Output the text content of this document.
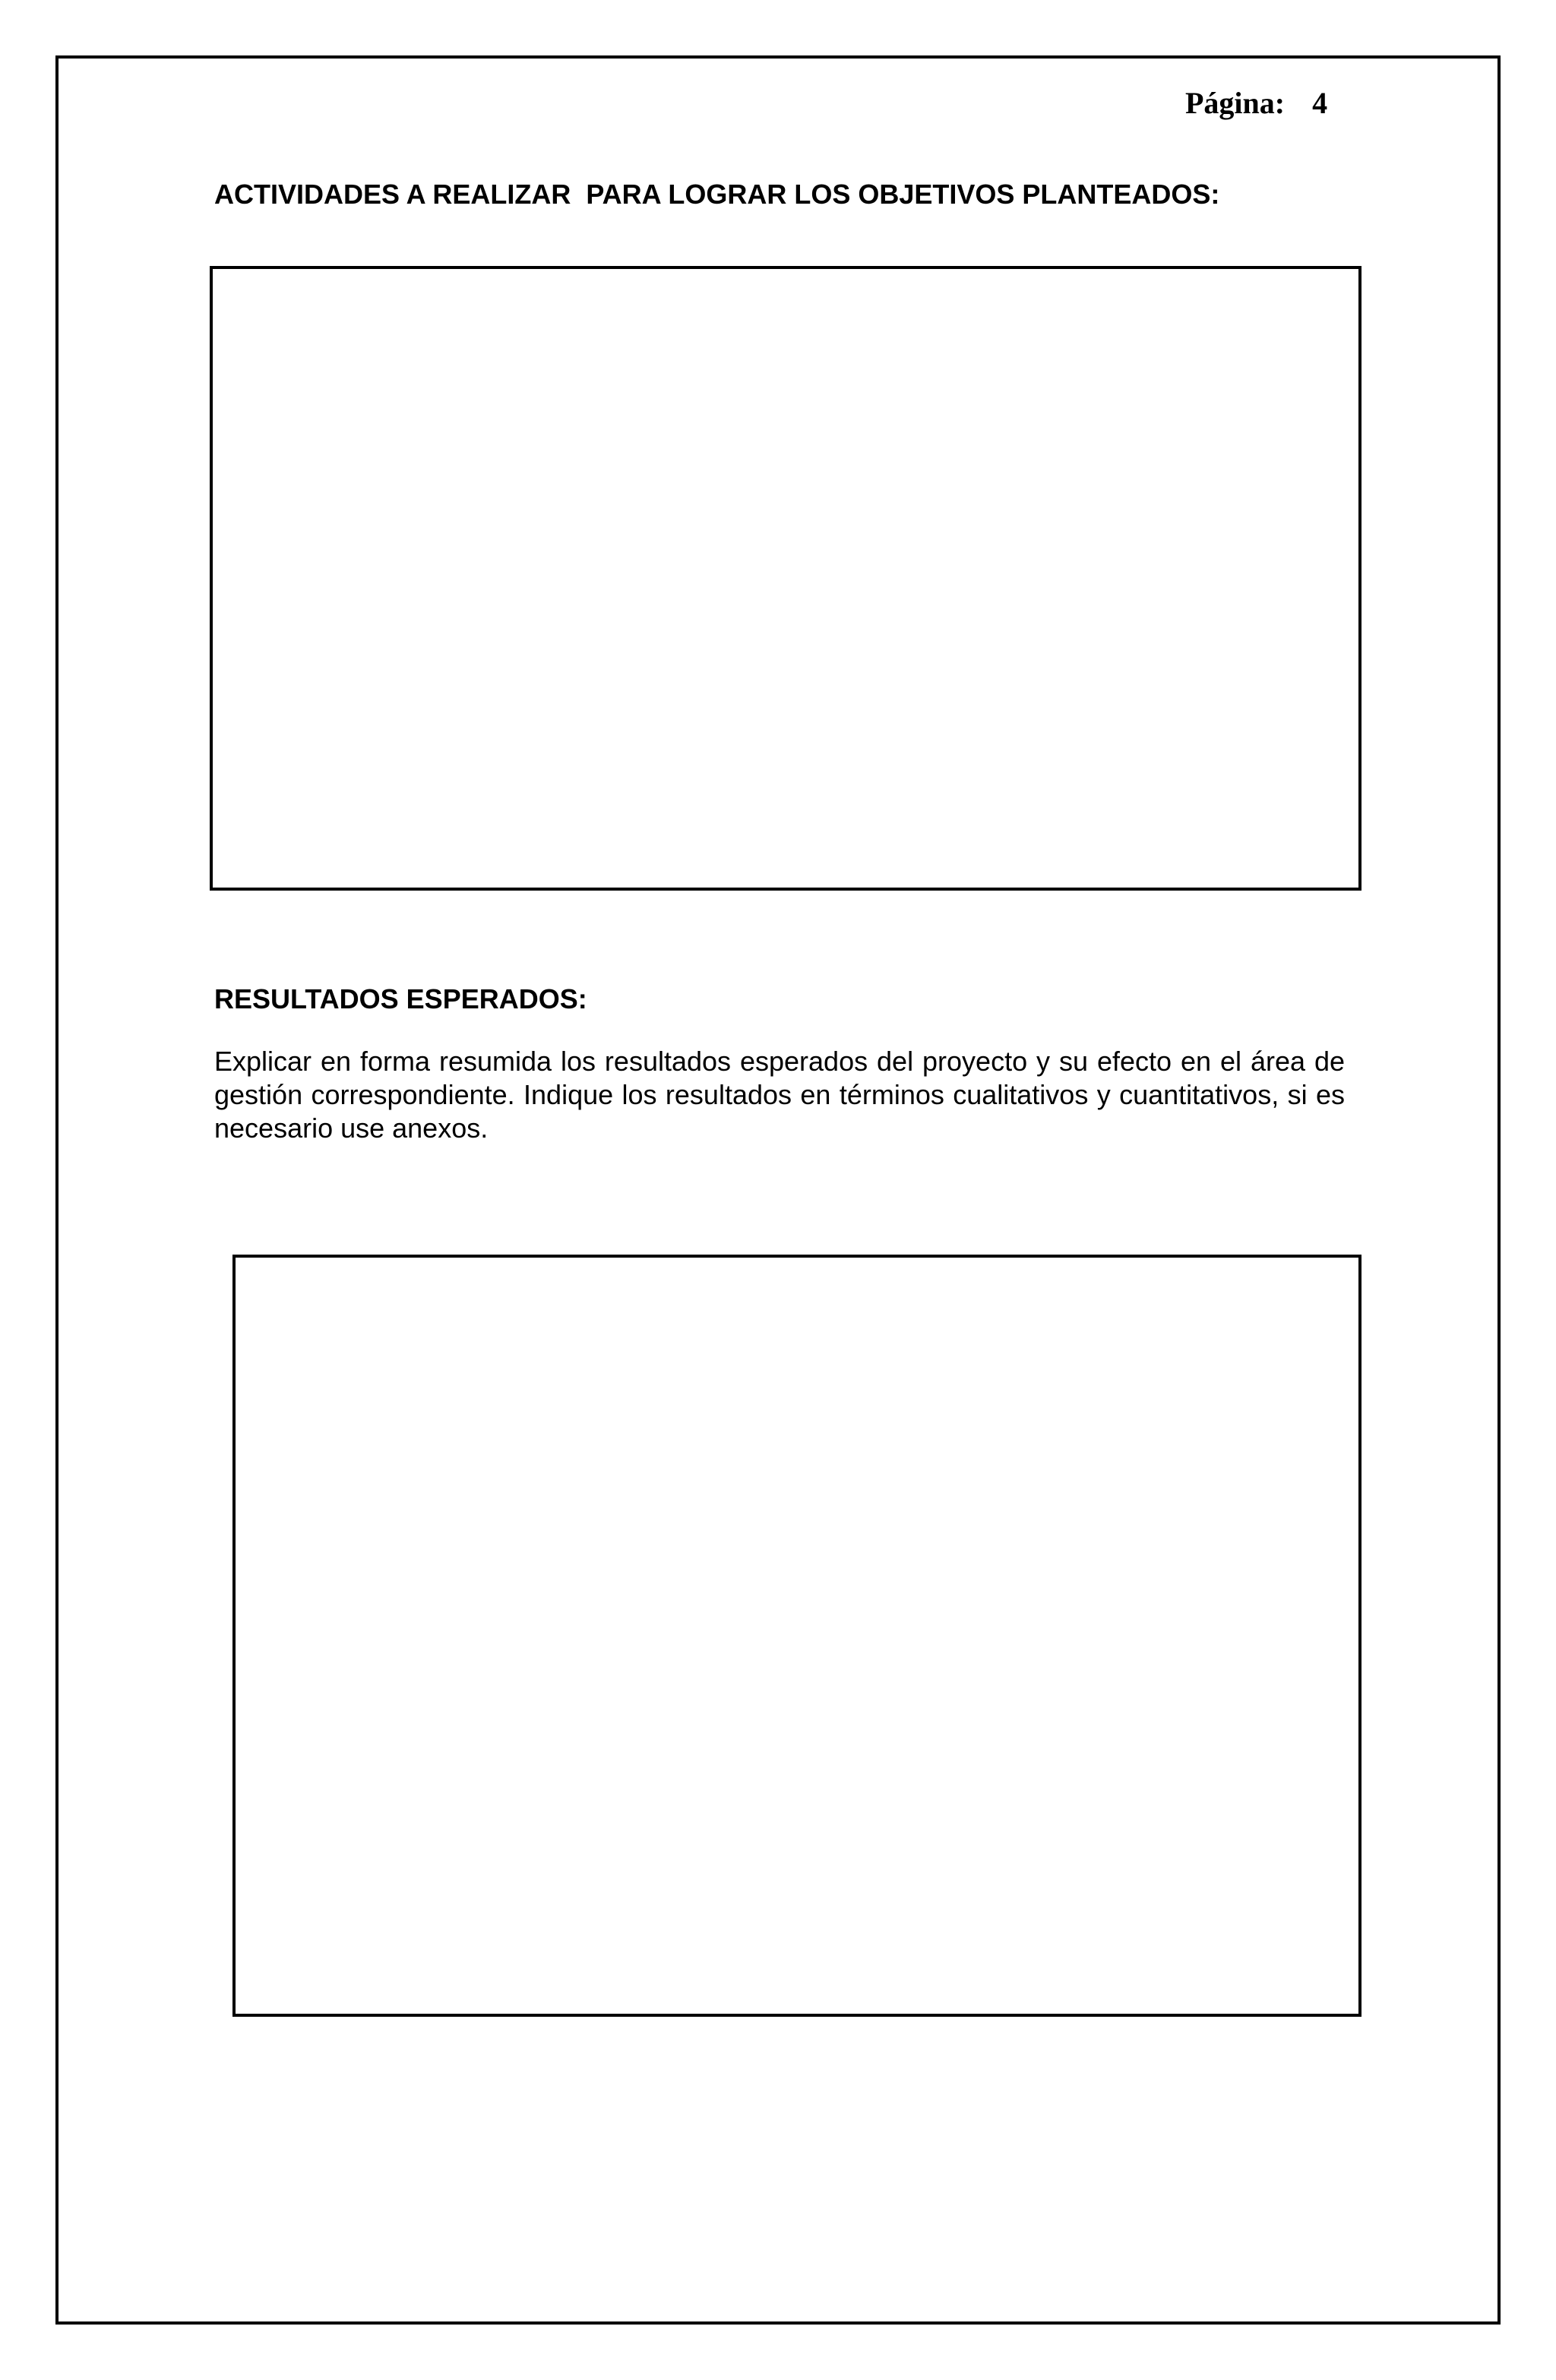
Página: 4
ACTIVIDADES A REALIZAR  PARA LOGRAR LOS OBJETIVOS PLANTEADOS:
RESULTADOS ESPERADOS:
Explicar en forma resumida los resultados esperados del proyecto y su efecto en el área de gestión correspondiente. Indique los resultados en términos cualitativos y cuantitativos, si es necesario use anexos.
